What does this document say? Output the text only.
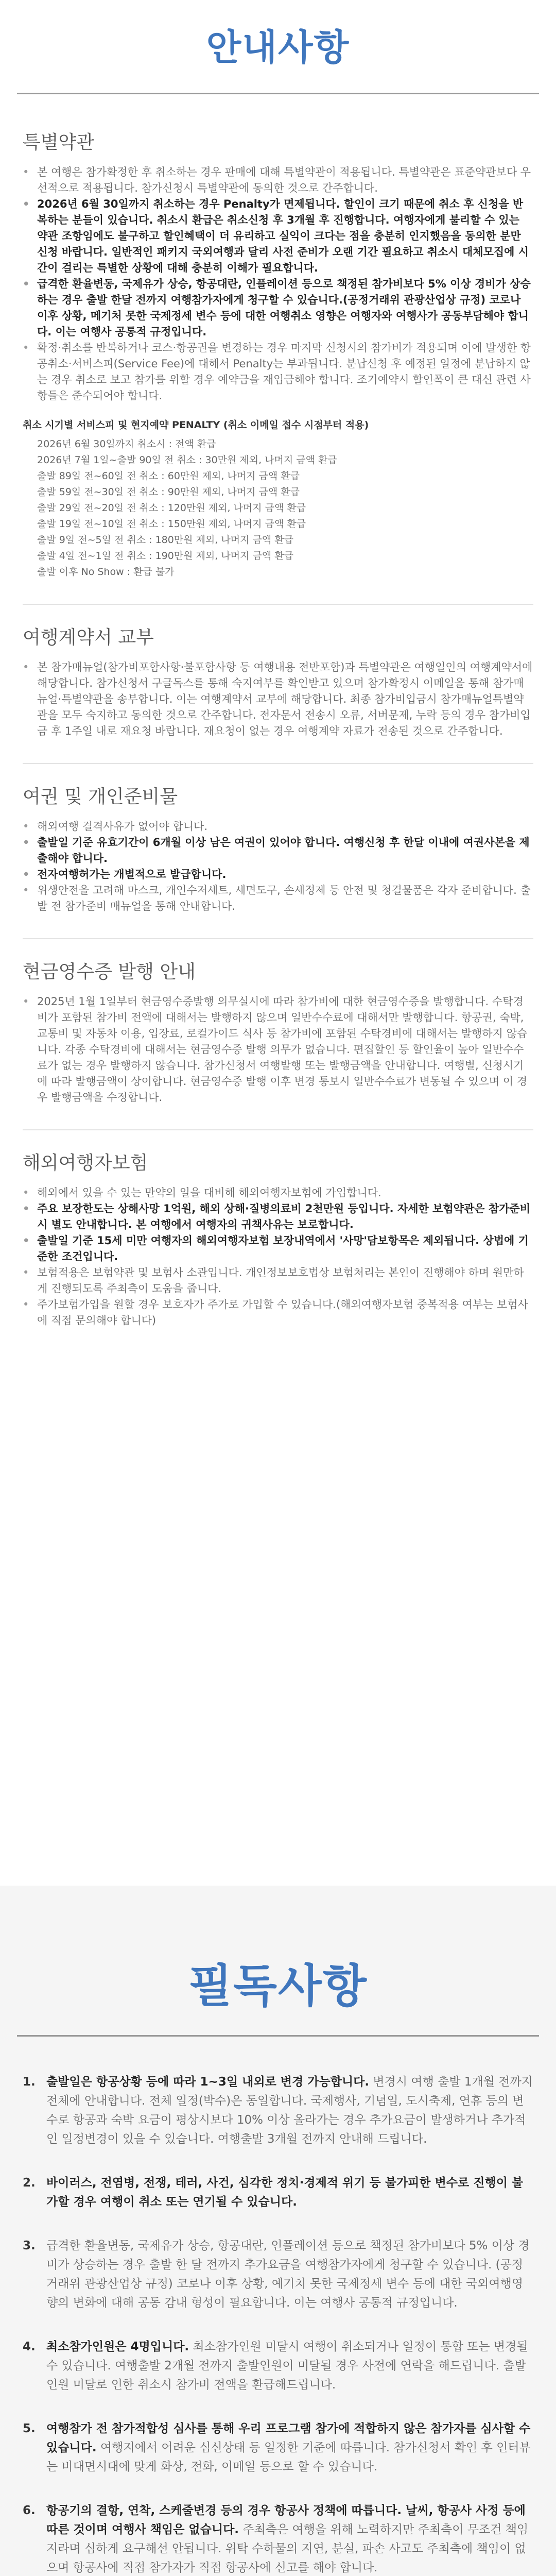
안내사항
특별약관
• 본 여행은 참가확정한 후 취소하는 경우 판매에 대해 특별약관이 적용됩니다. 특별약관은 표준약관보다 우선적으로 적용됩니다. 참가신청시 특별약관에 동의한 것으로 간주합니다.
• 2026년 6월 30일까지 취소하는 경우 Penalty가 면제됩니다. 할인이 크기 때문에 취소 후 신청을 반복하는 분들이 있습니다. 취소시 환급은 취소신청 후 3개월 후 진행합니다. 여행자에게 불리할 수 있는 약관 조항임에도 불구하고 할인혜택이 더 유리하고 실익이 크다는 점을 충분히 인지했음을 동의한 분만 신청 바랍니다. 일반적인 패키지 국외여행과 달리 사전 준비가 오랜 기간 필요하고 취소시 대체모집에 시간이 걸리는 특별한 상황에 대해 충분히 이해가 필요합니다.
• 급격한 환율변동, 국제유가 상승, 항공대란, 인플레이션 등으로 책정된 참가비보다 5% 이상 경비가 상승하는 경우 출발 한달 전까지 여행참가자에게 청구할 수 있습니다.(공정거래위 관광산업상 규정) 코로나 이후 상황, 메기처 못한 국제정세 변수 등에 대한 여행취소 영향은 여행자와 여행사가 공동부담해야 합니다. 이는 여행사 공통적 규정입니다.
• 확정·취소를 반복하거나 코스·항공권을 변경하는 경우 마지막 신청시의 참가비가 적용되며 이에 발생한 항공취소·서비스피(Service Fee)에 대해서 Penalty는 부과됩니다. 분납신청 후 예정된 일정에 분납하지 않는 경우 취소로 보고 참가를 위할 경우 예약금을 재입금해야 합니다. 조기예약시 할인폭이 큰 대신 관련 사항들은 준수되어야 합니다.
취소 시기별 서비스피 및 현지예약 PENALTY (취소 이메일 접수 시점부터 적용)
2026년 6월 30일까지 취소시 : 전액 환급
2026년 7월 1일~출발 90일 전 취소 : 30만원 제외, 나머지 금액 환급
출발 89일 전~60일 전 취소 : 60만원 제외, 나머지 금액 환급
출발 59일 전~30일 전 취소 : 90만원 제외, 나머지 금액 환급
출발 29일 전~20일 전 취소 : 120만원 제외, 나머지 금액 환급
출발 19일 전~10일 전 취소 : 150만원 제외, 나머지 금액 환급
출발 9일 전~5일 전 취소 : 180만원 제외, 나머지 금액 환급
출발 4일 전~1일 전 취소 : 190만원 제외, 나머지 금액 환급
출발 이후 No Show : 환급 불가
여행계약서 교부
• 본 참가매뉴얼(참가비포함사항·불포함사항 등 여행내용 전반포함)과 특별약관은 여행일인의 여행계약서에 해당합니다. 참가신청서 구글독스를 통해 숙지여부를 확인받고 있으며 참가확정시 이메일을 통해 참가매뉴얼·특별약관을 송부합니다. 이는 여행계약서 교부에 해당합니다. 최종 참가비입금시 참가매뉴얼특별약관을 모두 숙지하고 동의한 것으로 간주합니다. 전자문서 전송시 오류, 서버문제, 누락 등의 경우 참가비입금 후 1주일 내로 재요청 바랍니다. 재요청이 없는 경우 여행계약 자료가 전송된 것으로 간주합니다.
여권 및 개인준비물
• 해외여행 결격사유가 없어야 합니다.
• 출발일 기준 유효기간이 6개월 이상 남은 여권이 있어야 합니다. 여행신청 후 한달 이내에 여권사본을 제출해야 합니다.
• 전자여행허가는 개별적으로 발급합니다.
• 위생안전을 고려해 마스크, 개인수저세트, 세면도구, 손세정제 등 안전 및 청결물품은 각자 준비합니다. 출발 전 참가준비 매뉴얼을 통해 안내합니다.
현금영수증 발행 안내
• 2025년 1월 1일부터 현금영수증발행 의무실시에 따라 참가비에 대한 현금영수증을 발행합니다. 수탁경비가 포함된 참가비 전액에 대해서는 발행하지 않으며 일반수수료에 대해서만 발행합니다. 항공권, 숙박, 교통비 및 자동차 이용, 입장료, 로컬가이드 식사 등 참가비에 포함된 수탁경비에 대해서는 발행하지 않습니다. 각종 수탁경비에 대해서는 현금영수증 발행 의무가 없습니다. 편집할인 등 할인율이 높아 일반수수료가 없는 경우 발행하지 않습니다. 참가신청서 여행발행 또는 발행금액을 안내합니다. 여행별, 신청시기에 따라 발행금액이 상이합니다. 현금영수증 발행 이후 변경 통보시 일반수수료가 변동될 수 있으며 이 경우 발행금액을 수정합니다.
해외여행자보험
• 해외에서 있을 수 있는 만약의 일을 대비해 해외여행자보험에 가입합니다.
• 주요 보장한도는 상해사망 1억원, 해외 상해·질병의료비 2천만원 등입니다. 자세한 보험약관은 참가준비 시 별도 안내합니다. 본 여행에서 여행자의 귀책사유는 보로합니다.
• 출발일 기준 15세 미만 여행자의 해외여행자보험 보장내역에서 '사망'담보항목은 제외됩니다. 상법에 기준한 조건입니다.
• 보험적용은 보험약관 및 보험사 소관입니다. 개인정보보호법상 보험처리는 본인이 진행해야 하며 원만하게 진행되도록 주최측이 도움을 줍니다.
• 주가보험가입을 원할 경우 보호자가 주가로 가입할 수 있습니다.(해외여행자보험 중복적용 여부는 보험사에 직접 문의해야 합니다)
필독사항
1. 출발일은 항공상황 등에 따라 1~3일 내외로 변경 가능합니다. 변경시 여행 출발 1개월 전까지 전체에 안내합니다. 전체 일정(박수)은 동일합니다. 국제행사, 기념일, 도시축제, 연휴 등의 변수로 항공과 숙박 요금이 평상시보다 10% 이상 올라가는 경우 추가요금이 발생하거나 추가적인 일정변경이 있을 수 있습니다. 여행출발 3개월 전까지 안내해 드립니다.
2. 바이러스, 전염병, 전쟁, 테러, 사건, 심각한 정치·경제적 위기 등 불가피한 변수로 진행이 불가할 경우 여행이 취소 또는 연기될 수 있습니다.
3. 급격한 환율변동, 국제유가 상승, 항공대란, 인플레이션 등으로 책정된 참가비보다 5% 이상 경비가 상승하는 경우 출발 한 달 전까지 추가요금을 여행참가자에게 청구할 수 있습니다. (공정거래위 관광산업상 규정) 코로나 이후 상황, 예기치 못한 국제정세 변수 등에 대한 국외여행영향의 변화에 대해 공동 감내 형성이 필요합니다. 이는 여행사 공통적 규정입니다.
4. 최소참가인원은 4명입니다. 최소참가인원 미달시 여행이 취소되거나 일정이 통합 또는 변경될 수 있습니다. 여행출발 2개월 전까지 출발인원이 미달될 경우 사전에 연락을 해드립니다. 출발인원 미달로 인한 취소시 참가비 전액을 환급해드립니다.
5. 여행참가 전 참가적합성 심사를 통해 우리 프로그램 참가에 적합하지 않은 참가자를 심사할 수 있습니다. 여행지에서 어려운 심신상태 등 일정한 기준에 따릅니다. 참가신청서 확인 후 인터뷰는 비대면시대에 맞게 화상, 전화, 이메일 등으로 할 수 있습니다.
6. 항공기의 결항, 연착, 스케줄변경 등의 경우 항공사 정책에 따릅니다. 날씨, 항공사 사정 등에 따른 것이며 여행사 책임은 없습니다. 주최측은 여행을 위해 노력하지만 주최측이 무조건 책임지라며 심하게 요구해선 안됩니다. 위탁 수하물의 지연, 분실, 파손 사고도 주최측에 책임이 없으며 항공사에 직접 참가자가 직접 항공사에 신고를 해야 합니다.
